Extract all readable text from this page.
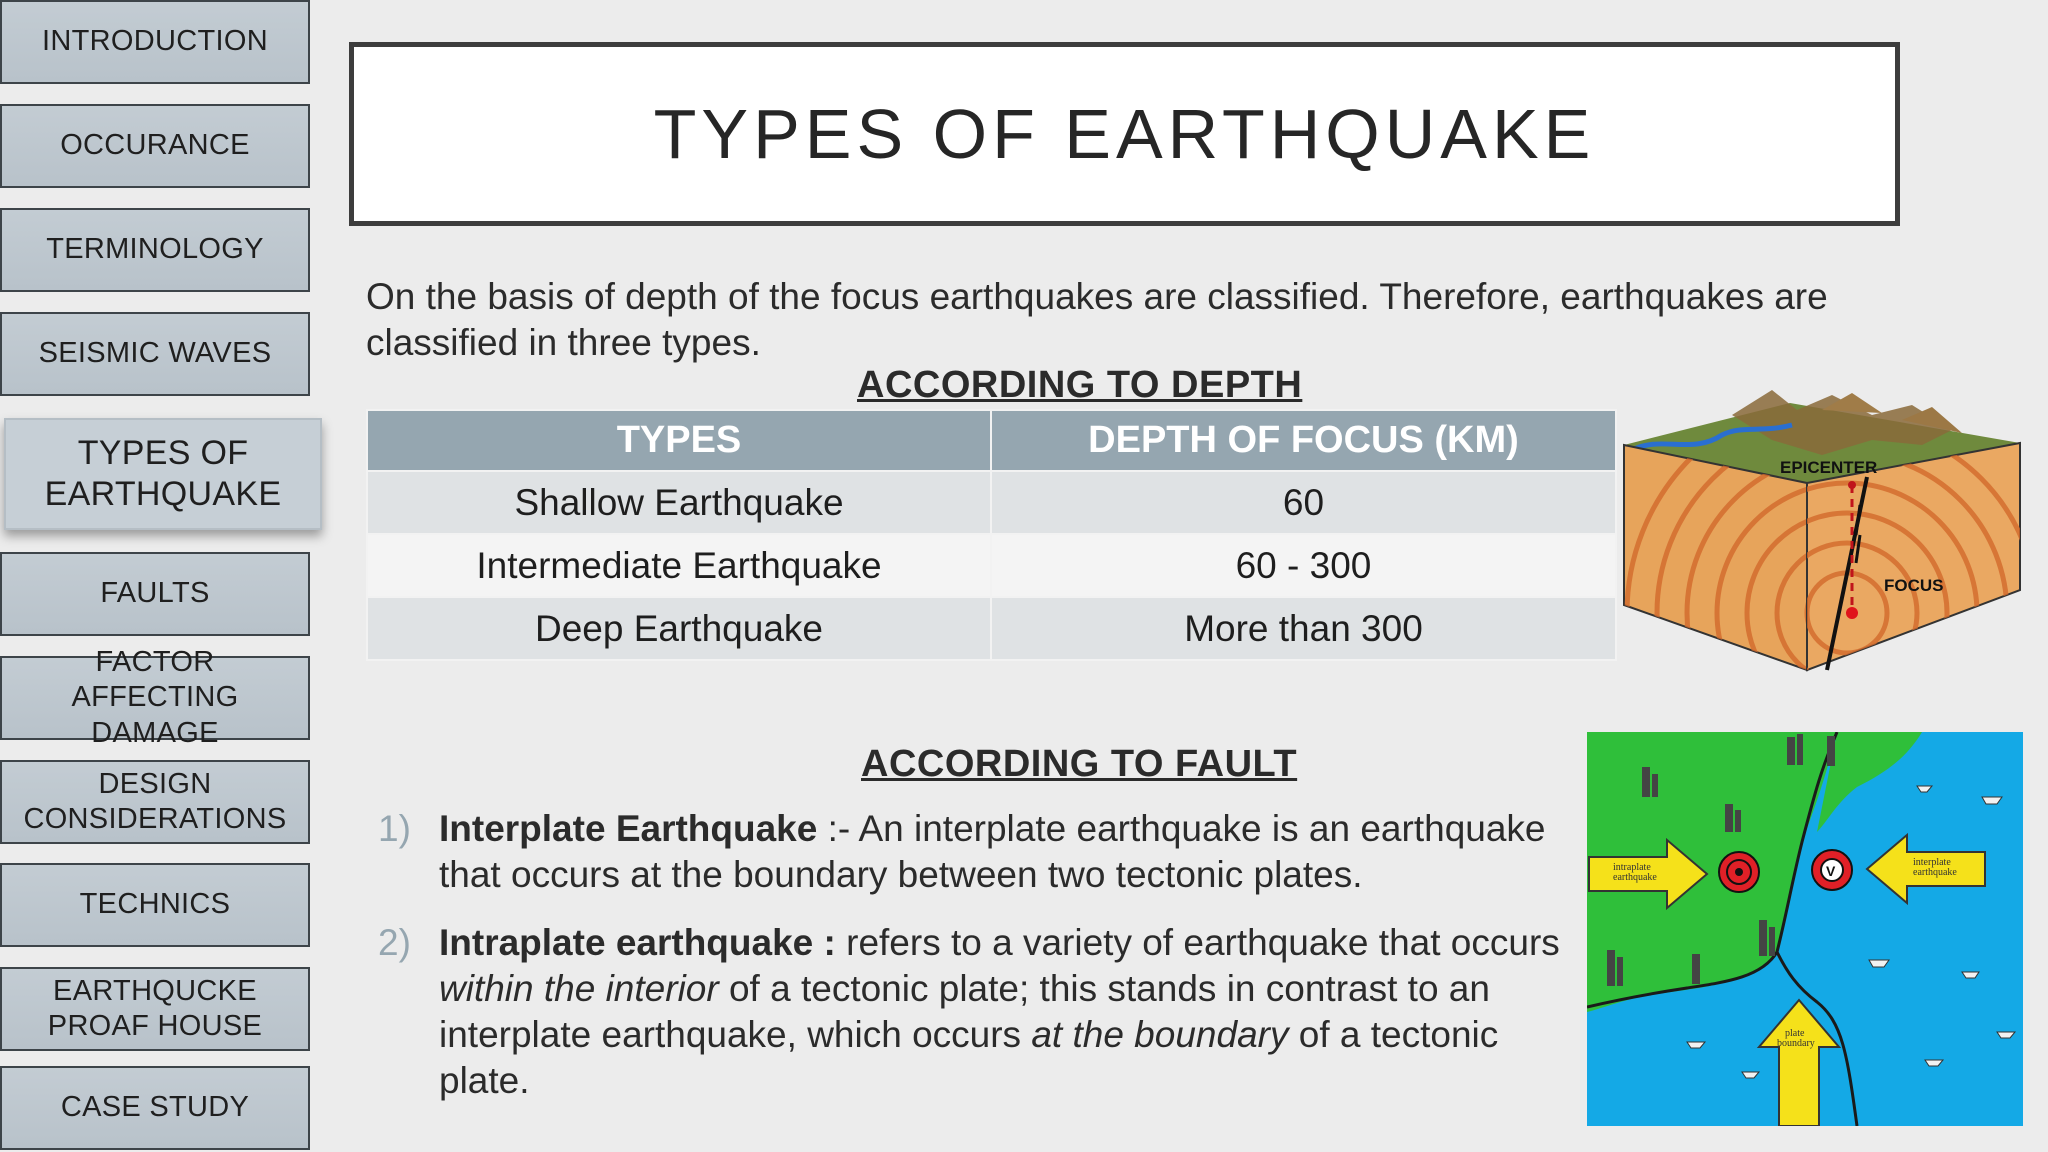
INTRODUCTION
OCCURANCE
TERMINOLOGY
SEISMIC WAVES
TYPES OF
EARTHQUAKE
FAULTS
FACTOR
AFFECTING
DAMAGE
DESIGN
CONSIDERATIONS
TECHNICS
EARTHQUCKE
PROAF HOUSE
CASE STUDY
TYPES OF EARTHQUAKE

On the basis of depth of the focus earthquakes are classified. Therefore, earthquakes are classified in three types.

ACCORDING TO DEPTH
TYPES	DEPTH OF FOCUS (KM)
Shallow Earthquake	60
Intermediate Earthquake	60 - 300
Deep Earthquake	More than 300
EPICENTER
FOCUS
ACCORDING TO FAULT
1) Interplate Earthquake :- An interplate earthquake is an earthquake that occurs at the boundary between two tectonic plates.
2) Intraplate earthquake : refers to a variety of earthquake that occurs within the interior of a tectonic plate; this stands in contrast to an interplate earthquake, which occurs at the boundary of a tectonic plate.
intraplate
earthquake
interplate
earthquake
plate
boundary
V
